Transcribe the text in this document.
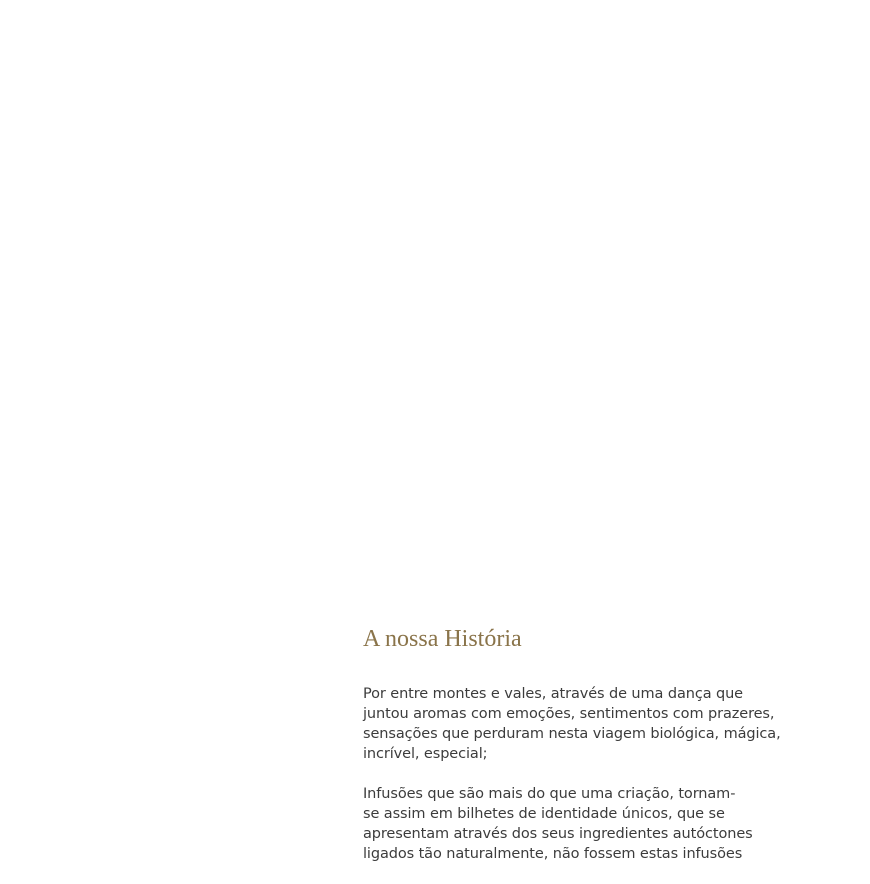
A nossa História

Por entre montes e vales, através de uma dança que
juntou aromas com emoções, sentimentos com prazeres,
sensações que perduram nesta viagem biológica, mágica,
incrível, especial;

Infusões que são mais do que uma criação, tornam-
se assim em bilhetes de identidade únicos, que se
apresentam através dos seus ingredientes autóctones
ligados tão naturalmente, não fossem estas infusões
